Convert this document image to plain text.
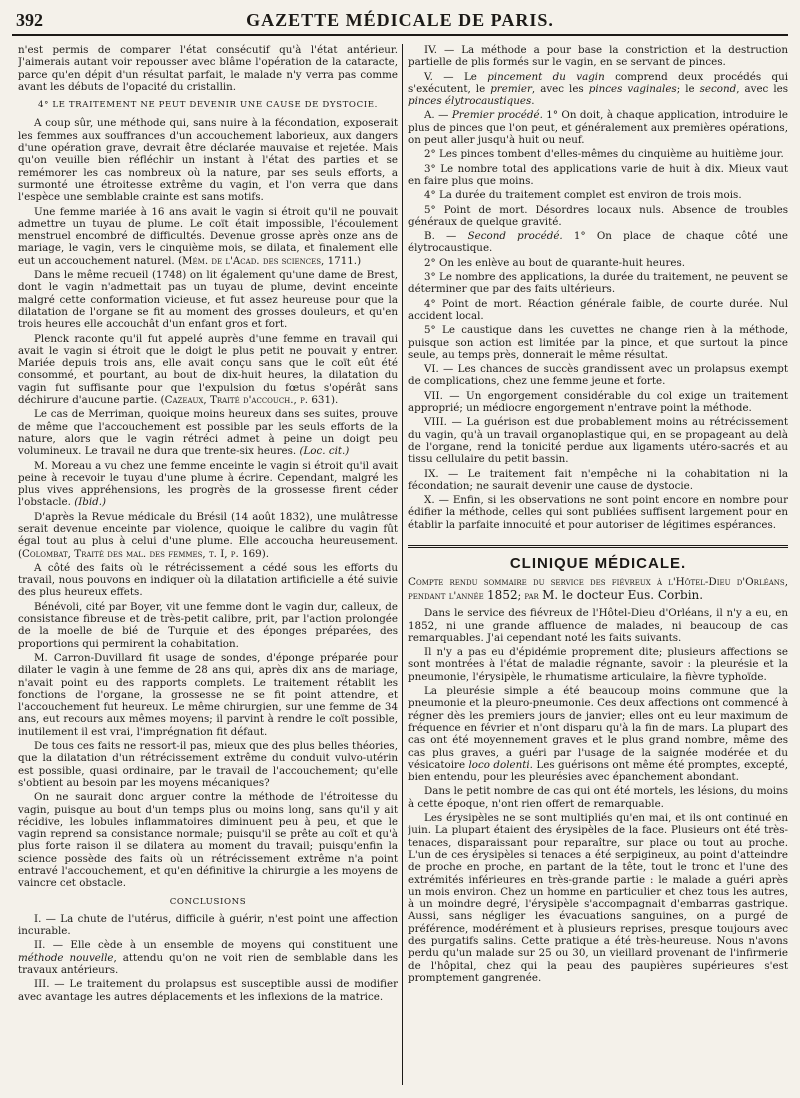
392	GAZETTE MÉDICALE DE PARIS.

n'est permis de comparer l'état consécutif qu'à l'état antérieur. J'aimerais autant voir repousser avec blâme l'opération de la cataracte, parce qu'en dépit d'un résultat parfait, le malade n'y verra pas comme avant les débuts de l'opacité du cristallin.

4° LE TRAITEMENT NE PEUT DEVENIR UNE CAUSE DE DYSTOCIE.

A coup sûr, une méthode qui, sans nuire à la fécondation, exposerait les femmes aux souffrances d'un accouchement laborieux, aux dangers d'une opération grave, devrait être déclarée mauvaise et rejetée. Mais qu'on veuille bien réfléchir un instant à l'état des parties et se remémorer les cas nombreux où la nature, par ses seuls efforts, a surmonté une étroitesse extrême du vagin, et l'on verra que dans l'espèce une semblable crainte est sans motifs.

Une femme mariée à 16 ans avait le vagin si étroit qu'il ne pouvait admettre un tuyau de plume. Le coït était impossible, l'écoulement menstruel encombré de difficultés. Devenue grosse après onze ans de mariage, le vagin, vers le cinquième mois, se dilata, et finalement elle eut un accouchement naturel. (Mém. de l'Acad. des sciences, 1711.)

Dans le même recueil (1748) on lit également qu'une dame de Brest, dont le vagin n'admettait pas un tuyau de plume, devint enceinte malgré cette conformation vicieuse, et fut assez heureuse pour que la dilatation de l'organe se fit au moment des grosses douleurs, et qu'en trois heures elle accouchât d'un enfant gros et fort.

Plenck raconte qu'il fut appelé auprès d'une femme en travail qui avait le vagin si étroit que le doigt le plus petit ne pouvait y entrer. Mariée depuis trois ans, elle avait conçu sans que le coït eût été consommé, et pourtant, au bout de dix-huit heures, la dilatation du vagin fut suffisante pour que l'expulsion du fœtus s'opérât sans déchirure d'aucune partie. (Cazeaux, Traité d'accouch., p. 631).

Le cas de Merriman, quoique moins heureux dans ses suites, prouve de même que l'accouchement est possible par les seuls efforts de la nature, alors que le vagin rétréci admet à peine un doigt peu volumineux. Le travail ne dura que trente-six heures. (Loc. cit.)

M. Moreau a vu chez une femme enceinte le vagin si étroit qu'il avait peine à recevoir le tuyau d'une plume à écrire. Cependant, malgré les plus vives appréhensions, les progrès de la grossesse firent céder l'obstacle. (Ibid.)

D'après la Revue médicale du Brésil (14 août 1832), une mulâtresse serait devenue enceinte par violence, quoique le calibre du vagin fût égal tout au plus à celui d'une plume. Elle accoucha heureusement. (Colombat, Traité des mal. des femmes, t. I, p. 169).

A côté des faits où le rétrécissement a cédé sous les efforts du travail, nous pouvons en indiquer où la dilatation artificielle a été suivie des plus heureux effets.

Bénévoli, cité par Boyer, vit une femme dont le vagin dur, calleux, de consistance fibreuse et de très-petit calibre, prit, par l'action prolongée de la moelle de bié de Turquie et des éponges préparées, des proportions qui permirent la cohabitation.

M. Carron-Duvillard fit usage de sondes, d'éponge préparée pour dilater le vagin à une femme de 28 ans qui, après dix ans de mariage, n'avait point eu des rapports complets. Le traitement rétablit les fonctions de l'organe, la grossesse ne se fit point attendre, et l'accouchement fut heureux. Le même chirurgien, sur une femme de 34 ans, eut recours aux mêmes moyens; il parvint à rendre le coït possible, inutilement il est vrai, l'imprégnation fit défaut.

De tous ces faits ne ressort-il pas, mieux que des plus belles théories, que la dilatation d'un rétrécissement extrême du conduit vulvo-utérin est possible, quasi ordinaire, par le travail de l'accouchement; qu'elle s'obtient au besoin par les moyens mécaniques?

On ne saurait donc arguer contre la méthode de l'étroitesse du vagin, puisque au bout d'un temps plus ou moins long, sans qu'il y ait récidive, les lobules inflammatoires diminuent peu à peu, et que le vagin reprend sa consistance normale; puisqu'il se prête au coït et qu'à plus forte raison il se dilatera au moment du travail; puisqu'enfin la science possède des faits où un rétrécissement extrême n'a point entravé l'accouchement, et qu'en définitive la chirurgie a les moyens de vaincre cet obstacle.

CONCLUSIONS

I. — La chute de l'utérus, difficile à guérir, n'est point une affection incurable.

II. — Elle cède à un ensemble de moyens qui constituent une méthode nouvelle, attendu qu'on ne voit rien de semblable dans les travaux antérieurs.

III. — Le traitement du prolapsus est susceptible aussi de modifier avec avantage les autres déplacements et les inflexions de la matrice.

IV. — La méthode a pour base la constriction et la destruction partielle de plis formés sur le vagin, en se servant de pinces.

V. — Le pincement du vagin comprend deux procédés qui s'exécutent, le premier, avec les pinces vaginales; le second, avec les pinces élytrocaustiques.

A. — Premier procédé. 1° On doit, à chaque application, introduire le plus de pinces que l'on peut, et généralement aux premières opérations, on peut aller jusqu'à huit ou neuf.

2° Les pinces tombent d'elles-mêmes du cinquième au huitième jour.

3° Le nombre total des applications varie de huit à dix. Mieux vaut en faire plus que moins.

4° La durée du traitement complet est environ de trois mois.

5° Point de mort. Désordres locaux nuls. Absence de troubles généraux de quelque gravité.

B. — Second procédé. 1° On place de chaque côté une élytrocaustique.

2° On les enlève au bout de quarante-huit heures.

3° Le nombre des applications, la durée du traitement, ne peuvent se déterminer que par des faits ultérieurs.

4° Point de mort. Réaction générale faible, de courte durée. Nul accident local.

5° Le caustique dans les cuvettes ne change rien à la méthode, puisque son action est limitée par la pince, et que surtout la pince seule, au temps près, donnerait le même résultat.

VI. — Les chances de succès grandissent avec un prolapsus exempt de complications, chez une femme jeune et forte.

VII. — Un engorgement considérable du col exige un traitement approprié; un médiocre engorgement n'entrave point la méthode.

VIII. — La guérison est due probablement moins au rétrécissement du vagin, qu'à un travail organoplastique qui, en se propageant au delà de l'organe, rend la tonicité perdue aux ligaments utéro-sacrés et au tissu cellulaire du petit bassin.

IX. — Le traitement fait n'empêche ni la cohabitation ni la fécondation; ne saurait devenir une cause de dystocie.

X. — Enfin, si les observations ne sont point encore en nombre pour édifier la méthode, celles qui sont publiées suffisent largement pour en établir la parfaite innocuité et pour autoriser de légitimes espérances.

CLINIQUE MÉDICALE.
Compte rendu sommaire du service des fiévreux à l'Hôtel-Dieu d'Orléans, pendant l'année 1852; par M. le docteur Eus. Corbin.

Dans le service des fiévreux de l'Hôtel-Dieu d'Orléans, il n'y a eu, en 1852, ni une grande affluence de malades, ni beaucoup de cas remarquables. J'ai cependant noté les faits suivants.

Il n'y a pas eu d'épidémie proprement dite; plusieurs affections se sont montrées à l'état de maladie régnante, savoir : la pleurésie et la pneumonie, l'érysipèle, le rhumatisme articulaire, la fièvre typhoïde.

La pleurésie simple a été beaucoup moins commune que la pneumonie et la pleuro-pneumonie. Ces deux affections ont commencé à régner dès les premiers jours de janvier; elles ont eu leur maximum de fréquence en février et n'ont disparu qu'à la fin de mars. La plupart des cas ont été moyennement graves et le plus grand nombre, même des cas plus graves, a guéri par l'usage de la saignée modérée et du vésicatoire loco dolenti. Les guérisons ont même été promptes, excepté, bien entendu, pour les pleurésies avec épanchement abondant.

Dans le petit nombre de cas qui ont été mortels, les lésions, du moins à cette époque, n'ont rien offert de remarquable.

Les érysipèles ne se sont multipliés qu'en mai, et ils ont continué en juin. La plupart étaient des érysipèles de la face. Plusieurs ont été très-tenaces, disparaissant pour reparaître, sur place ou tout au proche. L'un de ces érysipèles si tenaces a été serpigineux, au point d'atteindre de proche en proche, en partant de la tête, tout le tronc et l'une des extrémités inférieures en très-grande partie : le malade a guéri après un mois environ. Chez un homme en particulier et chez tous les autres, à un moindre degré, l'érysipèle s'accompagnait d'embarras gastrique. Aussi, sans négliger les évacuations sanguines, on a purgé de préférence, modérément et à plusieurs reprises, presque toujours avec des purgatifs salins. Cette pratique a été très-heureuse. Nous n'avons perdu qu'un malade sur 25 ou 30, un vieillard provenant de l'infirmerie de l'hôpital, chez qui la peau des paupières supérieures s'est promptement gangrenée.
